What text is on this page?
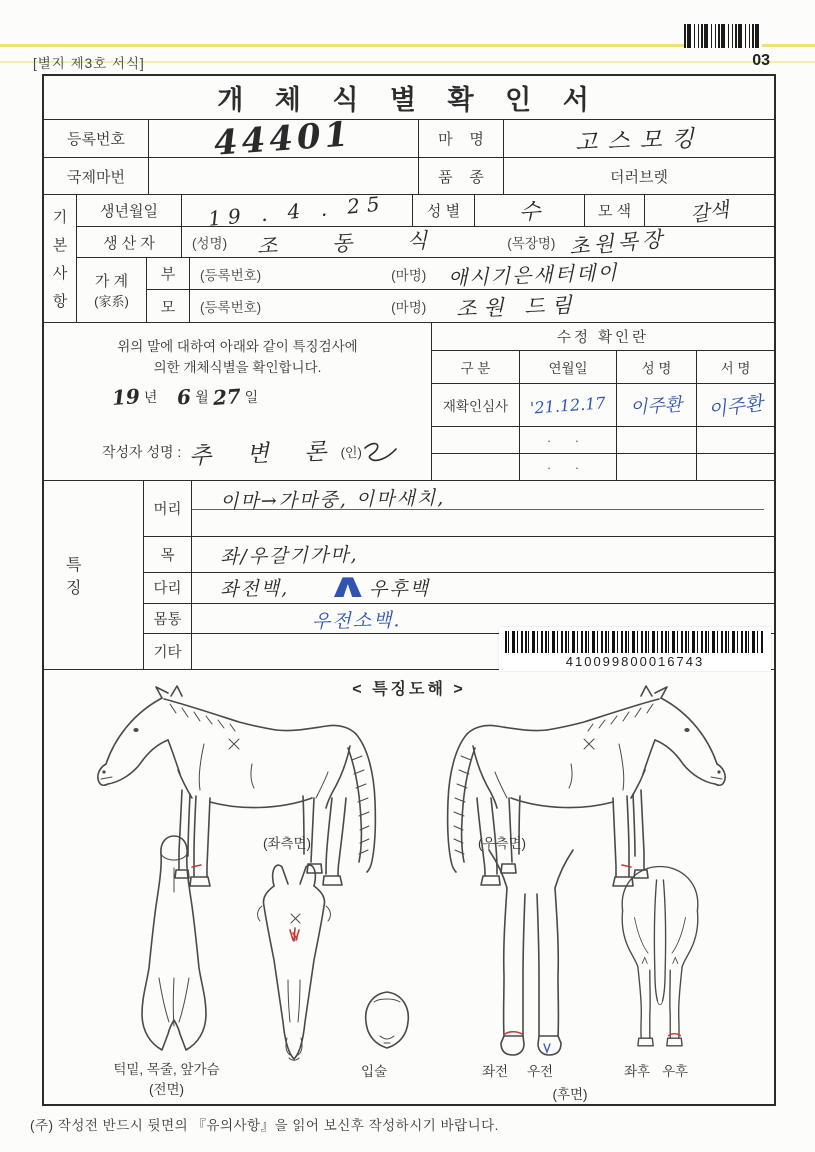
03
[별지 제3호 서식]
개 체 식 별 확 인 서
등록번호	44401	마    명	고스모킹
국제마번	품    종	더러브렛
기
본
사
항
생년월일	19 . 4 . 25	성 별	수	모 색	갈색
생 산 자	(성명) 조 동 식	(목장명) 초원목장
가 계
(家系)
부	(등록번호)	(마명) 애시기은새터데이
모	(등록번호)	(마명) 조원 드림
위의 말에 대하여 아래와 같이 특징검사에
의한 개체식별을 확인합니다.
19 년 6 월 27 일
작성자 성명 : 추 변 론 (인)
수정 확인란
구 분	연월일	성 명	서 명
재확인심사	'21.12.17 이주환 이주환
· ·
· ·
특 징
머리	이마→가마중, 이마새치,
목	좌/우갈기가마,
다리	좌전백, ∧ 우후백
몸통	우전소백.
기타
410099800016743
< 특징도해 >
(좌측면)	(우측면)
턱밑, 목줄, 앞가슴
(전면)
입술	좌전	우전
(후면)
좌후 우후
(주) 작성전 반드시 뒷면의 『유의사항』을 읽어 보신후 작성하시기 바랍니다.
